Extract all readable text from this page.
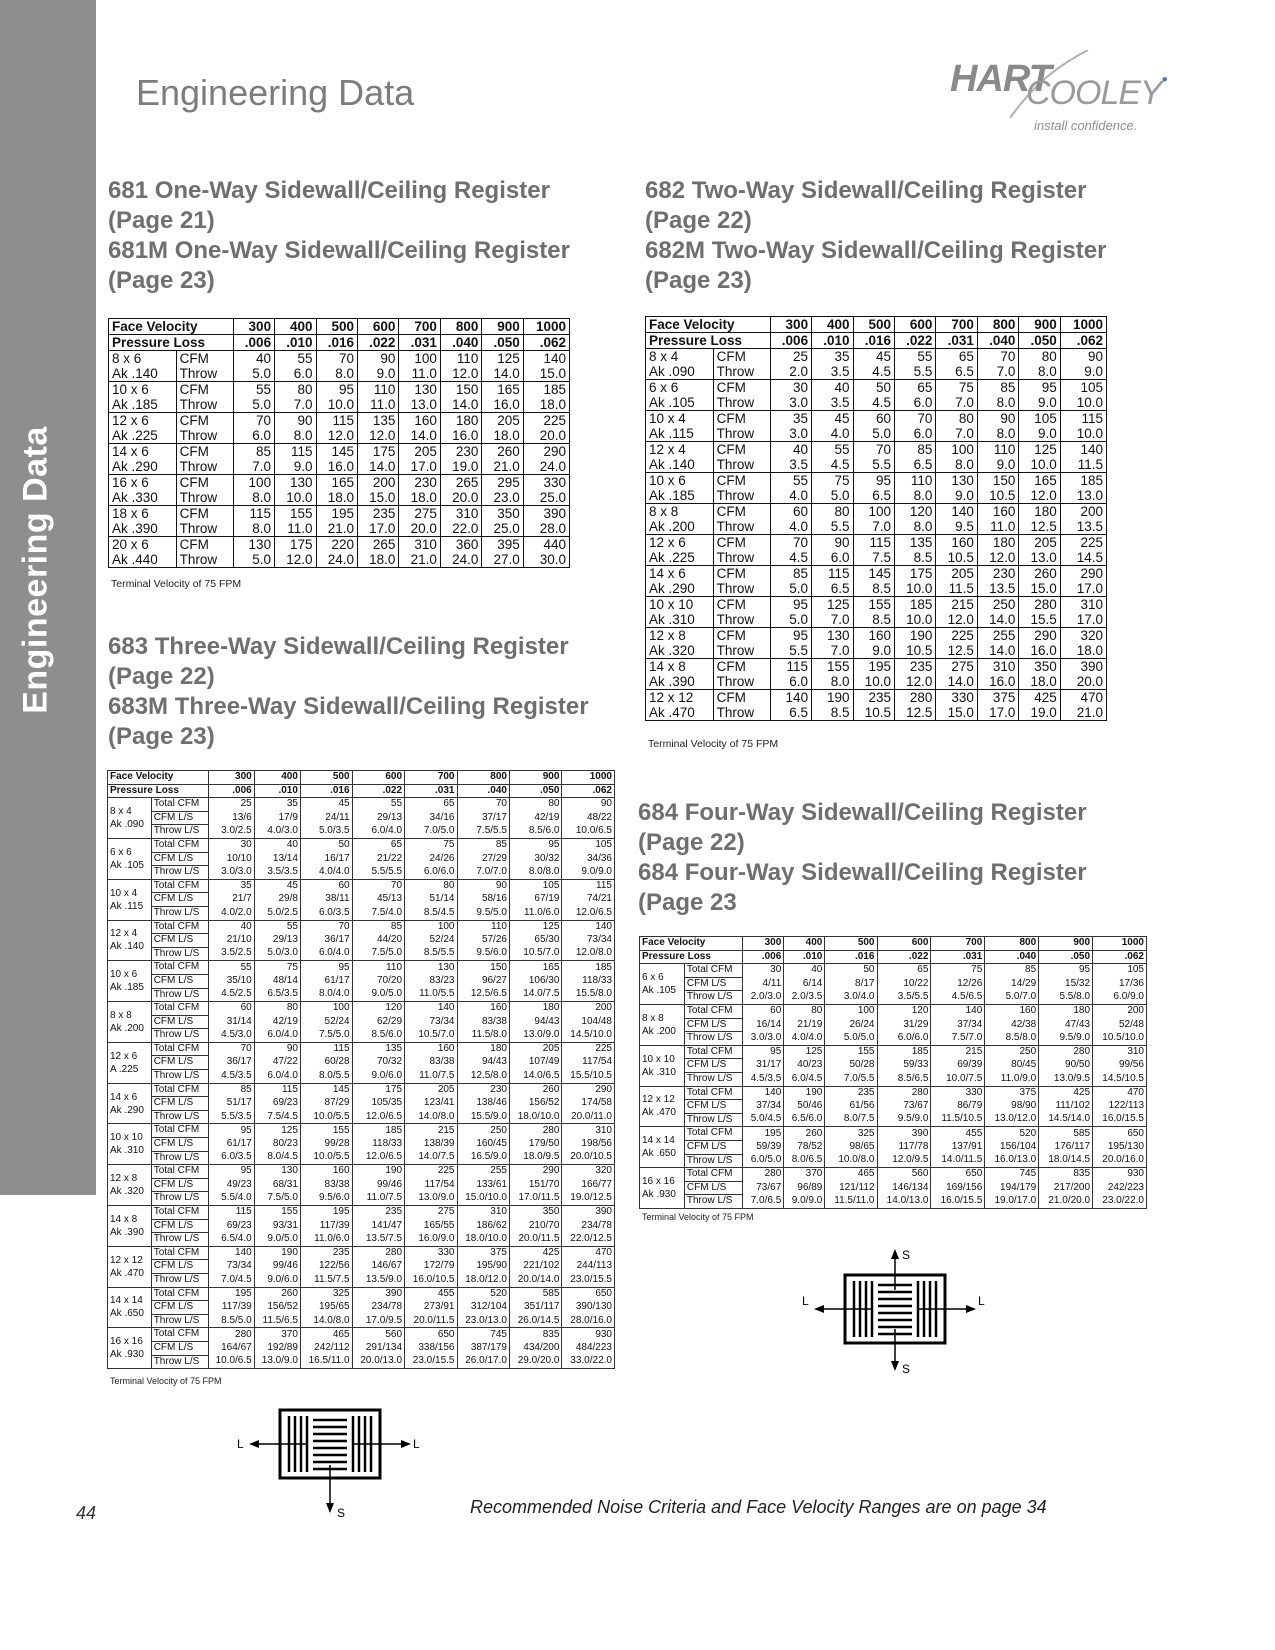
Engineering Data
Engineering Data	HART
COOLEY●
install confidence.
681 One-Way Sidewall/Ceiling Register
(Page 21)
681M One-Way Sidewall/Ceiling Register
(Page 23)
Face Velocity		300	400	500	600	700	800	900	1000
Pressure Loss		.006	.010	.016	.022	.031	.040	.050	.062
8 x 6	CFM	40	55	70	90	100	110	125	140
Ak .140	Throw	5.0	6.0	8.0	9.0	11.0	12.0	14.0	15.0
10 x 6	CFM	55	80	95	110	130	150	165	185
Ak .185	Throw	5.0	7.0	10.0	11.0	13.0	14.0	16.0	18.0
12 x 6	CFM	70	90	115	135	160	180	205	225
Ak .225	Throw	6.0	8.0	12.0	12.0	14.0	16.0	18.0	20.0
14 x 6	CFM	85	115	145	175	205	230	260	290
Ak .290	Throw	7.0	9.0	16.0	14.0	17.0	19.0	21.0	24.0
16 x 6	CFM	100	130	165	200	230	265	295	330
Ak .330	Throw	8.0	10.0	18.0	15.0	18.0	20.0	23.0	25.0
18 x 6	CFM	115	155	195	235	275	310	350	390
Ak .390	Throw	8.0	11.0	21.0	17.0	20.0	22.0	25.0	28.0
20 x 6	CFM	130	175	220	265	310	360	395	440
Ak .440	Throw	5.0	12.0	24.0	18.0	21.0	24.0	27.0	30.0
Terminal Velocity of 75 FPM
682 Two-Way Sidewall/Ceiling Register
(Page 22)
682M Two-Way Sidewall/Ceiling Register
(Page 23)
Face Velocity		300	400	500	600	700	800	900	1000
Pressure Loss		.006	.010	.016	.022	.031	.040	.050	.062
8 x 4	CFM	25	35	45	55	65	70	80	90
Ak .090	Throw	2.0	3.5	4.5	5.5	6.5	7.0	8.0	9.0
6 x 6	CFM	30	40	50	65	75	85	95	105
Ak .105	Throw	3.0	3.5	4.5	6.0	7.0	8.0	9.0	10.0
10 x 4	CFM	35	45	60	70	80	90	105	115
Ak .115	Throw	3.0	4.0	5.0	6.0	7.0	8.0	9.0	10.0
12 x 4	CFM	40	55	70	85	100	110	125	140
Ak .140	Throw	3.5	4.5	5.5	6.5	8.0	9.0	10.0	11.5
10 x 6	CFM	55	75	95	110	130	150	165	185
Ak .185	Throw	4.0	5.0	6.5	8.0	9.0	10.5	12.0	13.0
8 x 8	CFM	60	80	100	120	140	160	180	200
Ak .200	Throw	4.0	5.5	7.0	8.0	9.5	11.0	12.5	13.5
12 x 6	CFM	70	90	115	135	160	180	205	225
Ak .225	Throw	4.5	6.0	7.5	8.5	10.5	12.0	13.0	14.5
14 x 6	CFM	85	115	145	175	205	230	260	290
Ak .290	Throw	5.0	6.5	8.5	10.0	11.5	13.5	15.0	17.0
10 x 10	CFM	95	125	155	185	215	250	280	310
Ak .310	Throw	5.0	7.0	8.5	10.0	12.0	14.0	15.5	17.0
12 x 8	CFM	95	130	160	190	225	255	290	320
Ak .320	Throw	5.5	7.0	9.0	10.5	12.5	14.0	16.0	18.0
14 x 8	CFM	115	155	195	235	275	310	350	390
Ak .390	Throw	6.0	8.0	10.0	12.0	14.0	16.0	18.0	20.0
12 x 12	CFM	140	190	235	280	330	375	425	470
Ak .470	Throw	6.5	8.5	10.5	12.5	15.0	17.0	19.0	21.0
Terminal Velocity of 75 FPM
683 Three-Way Sidewall/Ceiling Register
(Page 22)
683M Three-Way Sidewall/Ceiling Register
(Page 23)
Face Velocity		300	400	500	600	700	800	900	1000
Pressure Loss		.006	.010	.016	.022	.031	.040	.050	.062
8 x 4
Ak .090	Total CFM	25	35	45	55	65	70	80	90
	CFM L/S	13/6	17/9	24/11	29/13	34/16	37/17	42/19	48/22
	Throw L/S	3.0/2.5	4.0/3.0	5.0/3.5	6.0/4.0	7.0/5.0	7.5/5.5	8.5/6.0	10.0/6.5
6 x 6
Ak .105	Total CFM	30	40	50	65	75	85	95	105
	CFM L/S	10/10	13/14	16/17	21/22	24/26	27/29	30/32	34/36
	Throw L/S	3.0/3.0	3.5/3.5	4.0/4.0	5.5/5.5	6.0/6.0	7.0/7.0	8.0/8.0	9.0/9.0
10 x 4
Ak .115	Total CFM	35	45	60	70	80	90	105	115
	CFM L/S	21/7	29/8	38/11	45/13	51/14	58/16	67/19	74/21
	Throw L/S	4.0/2.0	5.0/2.5	6.0/3.5	7.5/4.0	8.5/4.5	9.5/5.0	11.0/6.0	12.0/6.5
12 x 4
Ak .140	Total CFM	40	55	70	85	100	110	125	140
	CFM L/S	21/10	29/13	36/17	44/20	52/24	57/26	65/30	73/34
	Throw L/S	3.5/2.5	5.0/3.0	6.0/4.0	7.5/5.0	8.5/5.5	9.5/6.0	10.5/7.0	12.0/8.0
10 x 6
Ak .185	Total CFM	55	75	95	110	130	150	165	185
	CFM L/S	35/10	48/14	61/17	70/20	83/23	96/27	106/30	118/33
	Throw L/S	4.5/2.5	6.5/3.5	8.0/4.0	9.0/5.0	11.0/5.5	12.5/6.5	14.0/7.5	15.5/8.0
8 x 8
Ak .200	Total CFM	60	80	100	120	140	160	180	200
	CFM L/S	31/14	42/19	52/24	62/29	73/34	83/38	94/43	104/48
	Throw L/S	4.5/3.0	6.0/4.0	7.5/5.0	8.5/6.0	10.5/7.0	11.5/8.0	13.0/9.0	14.5/10.0
12 x 6
A .225	Total CFM	70	90	115	135	160	180	205	225
	CFM L/S	36/17	47/22	60/28	70/32	83/38	94/43	107/49	117/54
	Throw L/S	4.5/3.5	6.0/4.0	8.0/5.5	9.0/6.0	11.0/7.5	12.5/8.0	14.0/6.5	15.5/10.5
14 x 6
Ak .290	Total CFM	85	115	145	175	205	230	260	290
	CFM L/S	51/17	69/23	87/29	105/35	123/41	138/46	156/52	174/58
	Throw L/S	5.5/3.5	7.5/4.5	10.0/5.5	12.0/6.5	14.0/8.0	15.5/9.0	18.0/10.0	20.0/11.0
10 x 10
Ak .310	Total CFM	95	125	155	185	215	250	280	310
	CFM L/S	61/17	80/23	99/28	118/33	138/39	160/45	179/50	198/56
	Throw L/S	6.0/3.5	8.0/4.5	10.0/5.5	12.0/6.5	14.0/7.5	16.5/9.0	18.0/9.5	20.0/10.5
12 x 8
Ak .320	Total CFM	95	130	160	190	225	255	290	320
	CFM L/S	49/23	68/31	83/38	99/46	117/54	133/61	151/70	166/77
	Throw L/S	5.5/4.0	7.5/5.0	9.5/6.0	11.0/7.5	13.0/9.0	15.0/10.0	17.0/11.5	19.0/12.5
14 x 8
Ak .390	Total CFM	115	155	195	235	275	310	350	390
	CFM L/S	69/23	93/31	117/39	141/47	165/55	186/62	210/70	234/78
	Throw L/S	6.5/4.0	9.0/5.0	11.0/6.0	13.5/7.5	16.0/9.0	18.0/10.0	20.0/11.5	22.0/12.5
12 x 12
Ak .470	Total CFM	140	190	235	280	330	375	425	470
	CFM L/S	73/34	99/46	122/56	146/67	172/79	195/90	221/102	244/113
	Throw L/S	7.0/4.5	9.0/6.0	11.5/7.5	13.5/9.0	16.0/10.5	18.0/12.0	20.0/14.0	23.0/15.5
14 x 14
Ak .650	Total CFM	195	260	325	390	455	520	585	650
	CFM L/S	117/39	156/52	195/65	234/78	273/91	312/104	351/117	390/130
	Throw L/S	8.5/5.0	11.5/6.5	14.0/8.0	17.0/9.5	20.0/11.5	23.0/13.0	26.0/14.5	28.0/16.0
16 x 16
Ak .930	Total CFM	280	370	465	560	650	745	835	930
	CFM L/S	164/67	192/89	242/112	291/134	338/156	387/179	434/200	484/223
	Throw L/S	10.0/6.5	13.0/9.0	16.5/11.0	20.0/13.0	23.0/15.5	26.0/17.0	29.0/20.0	33.0/22.0
Terminal Velocity of 75 FPM
684 Four-Way Sidewall/Ceiling Register
(Page 22)
684 Four-Way Sidewall/Ceiling Register
(Page 23
Face Velocity		300	400	500	600	700	800	900	1000
Pressure Loss		.006	.010	.016	.022	.031	.040	.050	.062
6 x 6
Ak .105	Total CFM	30	40	50	65	75	85	95	105
	CFM L/S	4/11	6/14	8/17	10/22	12/26	14/29	15/32	17/36
	Throw L/S	2.0/3.0	2.0/3.5	3.0/4.0	3.5/5.5	4.5/6.5	5.0/7.0	5.5/8.0	6.0/9.0
8 x 8
Ak .200	Total CFM	60	80	100	120	140	160	180	200
	CFM L/S	16/14	21/19	26/24	31/29	37/34	42/38	47/43	52/48
	Throw L/S	3.0/3.0	4.0/4.0	5.0/5.0	6.0/6.0	7.5/7.0	8.5/8.0	9.5/9.0	10.5/10.0
10 x 10
Ak .310	Total CFM	95	125	155	185	215	250	280	310
	CFM L/S	31/17	40/23	50/28	59/33	69/39	80/45	90/50	99/56
	Throw L/S	4.5/3.5	6.0/4.5	7.0/5.5	8.5/6.5	10.0/7.5	11.0/9.0	13.0/9.5	14.5/10.5
12 x 12
Ak .470	Total CFM	140	190	235	280	330	375	425	470
	CFM L/S	37/34	50/46	61/56	73/67	86/79	98/90	111/102	122/113
	Throw L/S	5.0/4.5	6.5/6.0	8.0/7.5	9.5/9.0	11.5/10.5	13.0/12.0	14.5/14.0	16.0/15.5
14 x 14
Ak .650	Total CFM	195	260	325	390	455	520	585	650
	CFM L/S	59/39	78/52	98/65	117/78	137/91	156/104	176/117	195/130
	Throw L/S	6.0/5.0	8.0/6.5	10.0/8.0	12.0/9.5	14.0/11.5	16.0/13.0	18.0/14.5	20.0/16.0
16 x 16
Ak .930	Total CFM	280	370	465	560	650	745	835	930
	CFM L/S	73/67	96/89	121/112	146/134	169/156	194/179	217/200	242/223
	Throw L/S	7.0/6.5	9.0/9.0	11.5/11.0	14.0/13.0	16.0/15.5	19.0/17.0	21.0/20.0	23.0/22.0
Terminal Velocity of 75 FPM
S
S
L	L
S
L	L
44	Recommended Noise Criteria and Face Velocity Ranges are on page 34
